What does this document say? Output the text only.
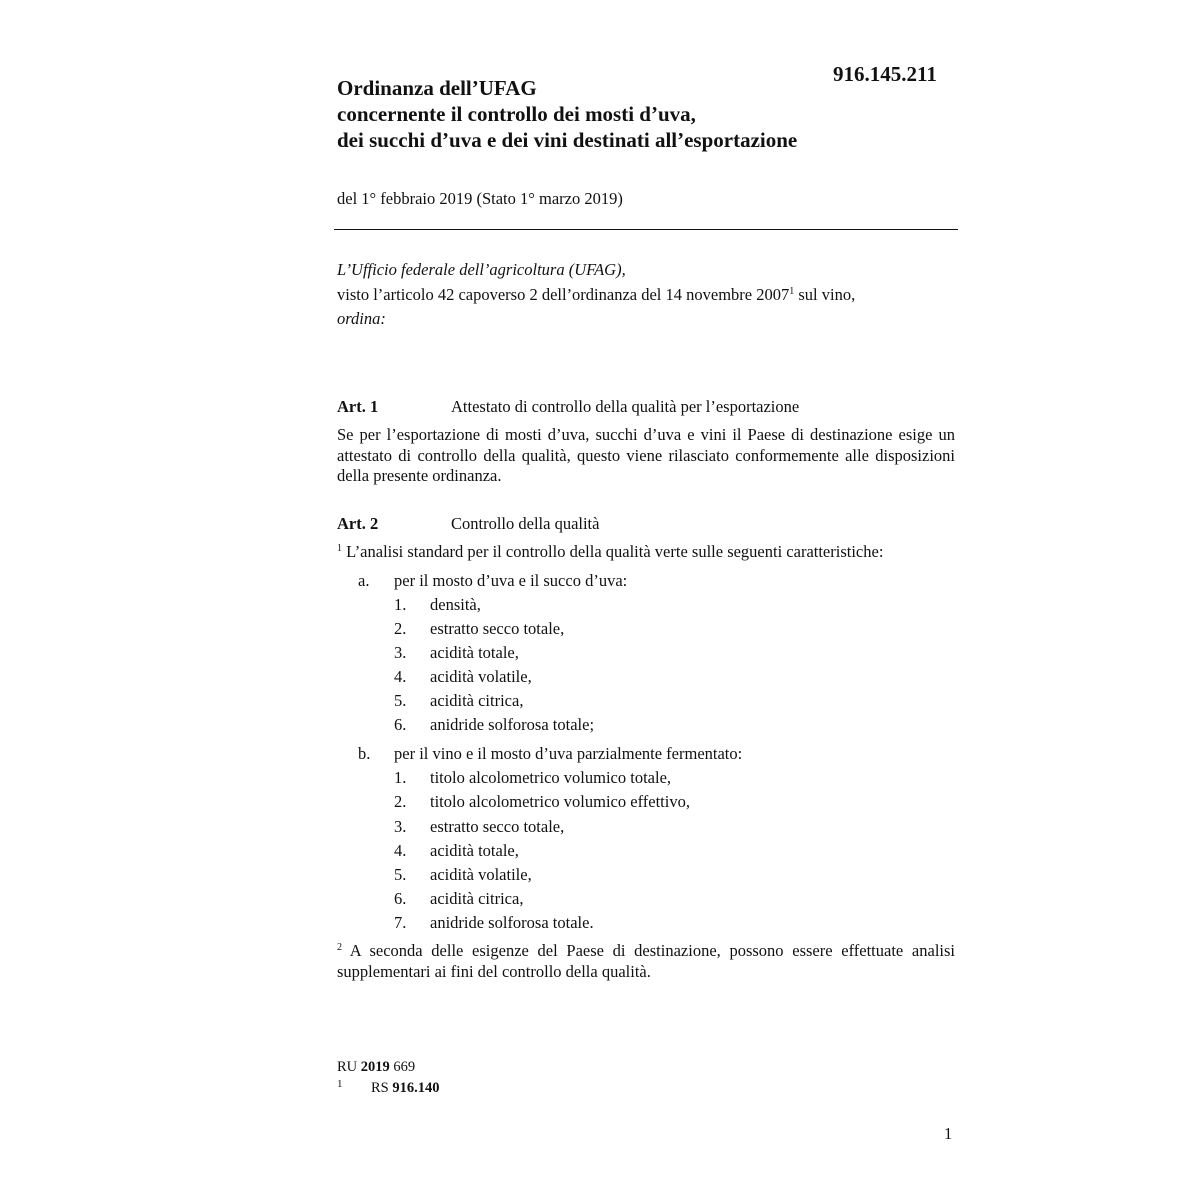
916.145.211
Ordinanza dell’UFAG
concernente il controllo dei mosti d’uva,
dei succhi d’uva e dei vini destinati all’esportazione
del 1° febbraio 2019 (Stato 1° marzo 2019)
L’Ufficio federale dell’agricoltura (UFAG),
visto l’articolo 42 capoverso 2 dell’ordinanza del 14 novembre 2007$^1$ sul vino,
ordina:
Art. 1	Attestato di controllo della qualità per l’esportazione
Se per l’esportazione di mosti d’uva, succhi d’uva e vini il Paese di destinazione esige un attestato di controllo della qualità, questo viene rilasciato conformemente alle disposizioni della presente ordinanza.
Art. 2	Controllo della qualità
$^1$ L’analisi standard per il controllo della qualità verte sulle seguenti caratteristiche:
a. per il mosto d’uva e il succo d’uva:
1. densità,
2. estratto secco totale,
3. acidità totale,
4. acidità volatile,
5. acidità citrica,
6. anidride solforosa totale;
b. per il vino e il mosto d’uva parzialmente fermentato:
1. titolo alcolometrico volumico totale,
2. titolo alcolometrico volumico effettivo,
3. estratto secco totale,
4. acidità totale,
5. acidità volatile,
6. acidità citrica,
7. anidride solforosa totale.
$^2$ A seconda delle esigenze del Paese di destinazione, possono essere effettuate analisi supplementari ai fini del controllo della qualità.
RU 2019 669
1 RS 916.140
1
